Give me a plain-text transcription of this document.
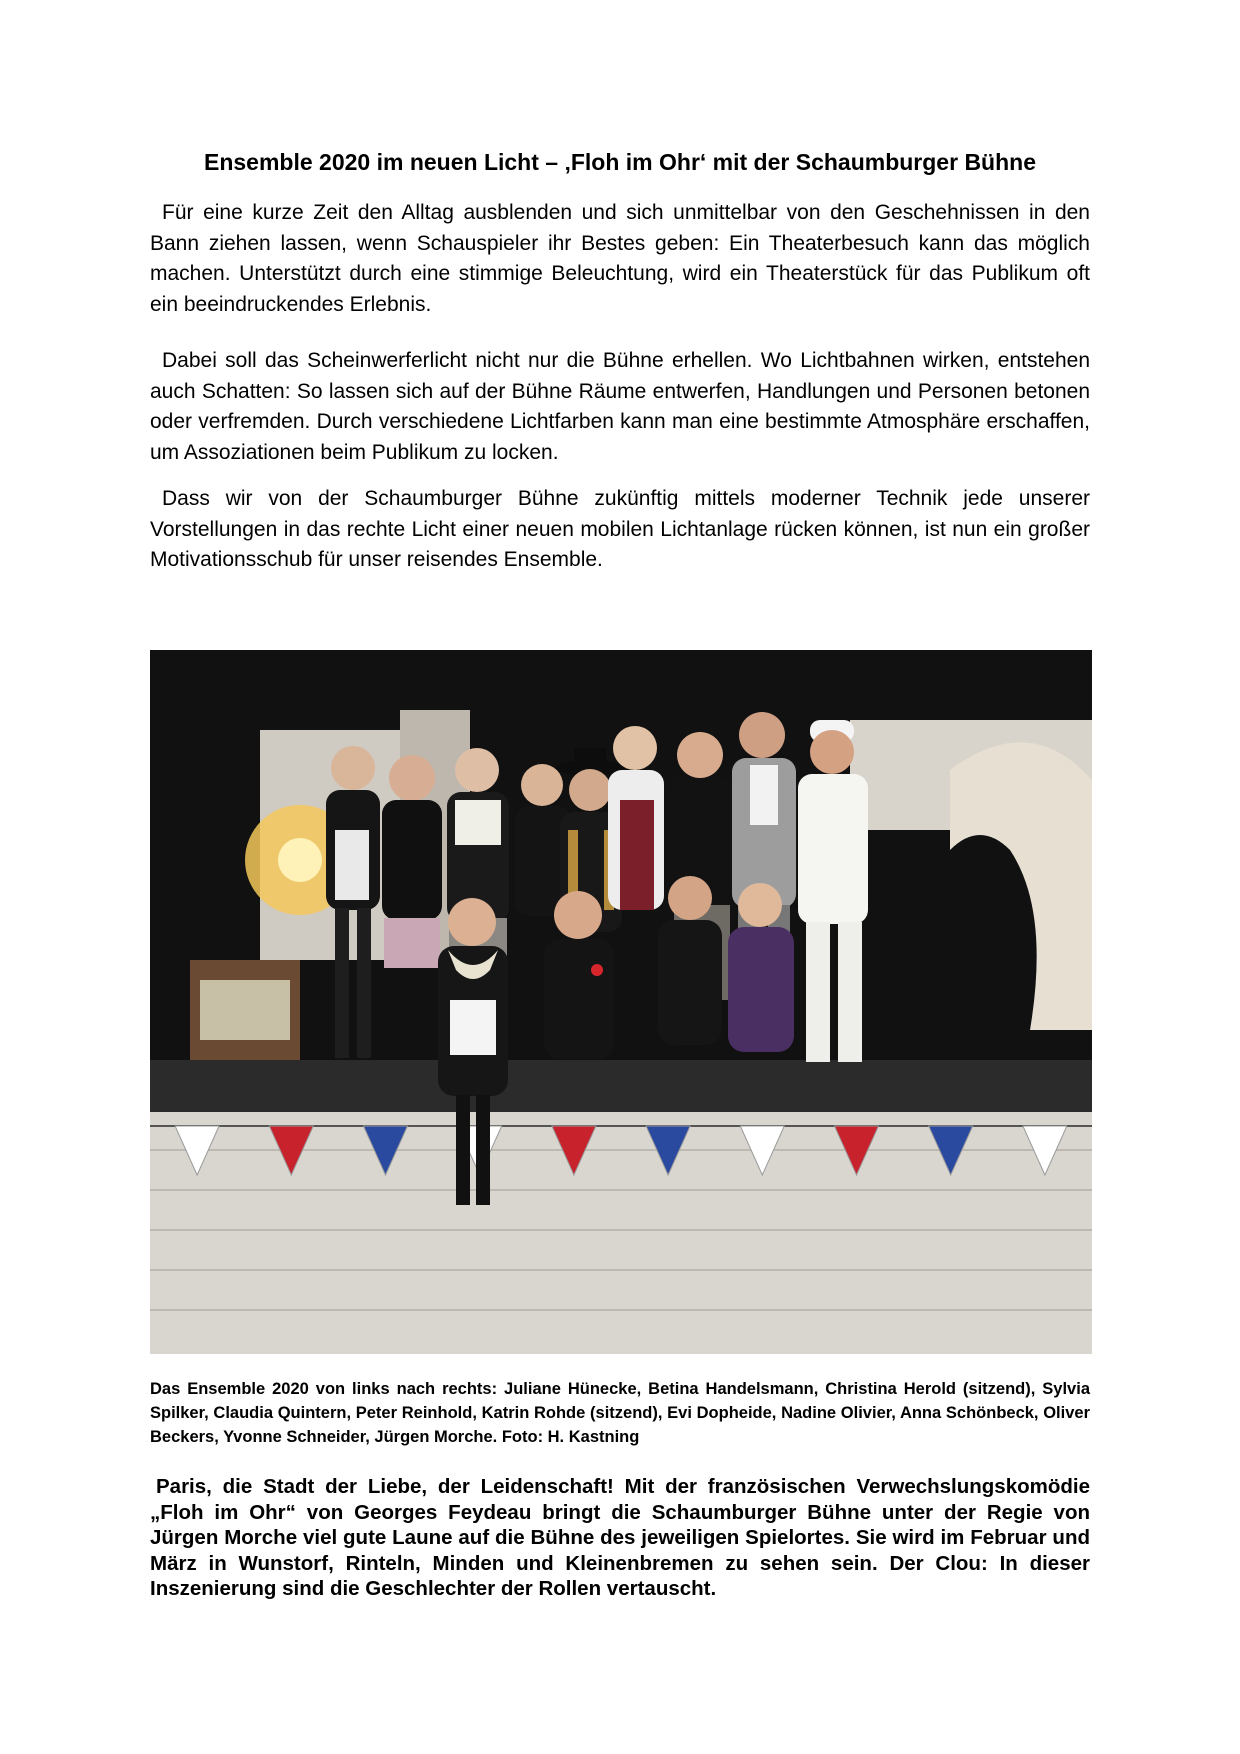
Ensemble 2020 im neuen Licht – ‚Floh im Ohr‘ mit der Schaumburger Bühne

Für eine kurze Zeit den Alltag ausblenden und sich unmittelbar von den Geschehnissen in den Bann ziehen lassen, wenn Schauspieler ihr Bestes geben: Ein Theaterbesuch kann das möglich machen. Unterstützt durch eine stimmige Beleuchtung, wird ein Theaterstück für das Publikum oft ein beeindruckendes Erlebnis.

Dabei soll das Scheinwerferlicht nicht nur die Bühne erhellen. Wo Lichtbahnen wirken, entstehen auch Schatten: So lassen sich auf der Bühne Räume entwerfen, Handlungen und Personen betonen oder verfremden. Durch verschiedene Lichtfarben kann man eine bestimmte Atmosphäre erschaffen, um Assoziationen beim Publikum zu locken.

Dass wir von der Schaumburger Bühne zukünftig mittels moderner Technik jede unserer Vorstellungen in das rechte Licht einer neuen mobilen Lichtanlage rücken können, ist nun ein großer Motivationsschub für unser reisendes Ensemble.

Das Ensemble 2020 von links nach rechts: Juliane Hünecke, Betina Handelsmann, Christina Herold (sitzend), Sylvia Spilker, Claudia Quintern, Peter Reinhold, Katrin Rohde (sitzend), Evi Dopheide, Nadine Olivier, Anna Schönbeck, Oliver Beckers, Yvonne Schneider, Jürgen Morche. Foto: H. Kastning

Paris, die Stadt der Liebe, der Leidenschaft! Mit der französischen Verwechslungskomödie „Floh im Ohr“ von Georges Feydeau bringt die Schaumburger Bühne unter der Regie von Jürgen Morche viel gute Laune auf die Bühne des jeweiligen Spielortes. Sie wird im Februar und März in Wunstorf, Rinteln, Minden und Kleinenbremen zu sehen sein. Der Clou: In dieser Inszenierung sind die Geschlechter der Rollen vertauscht.
